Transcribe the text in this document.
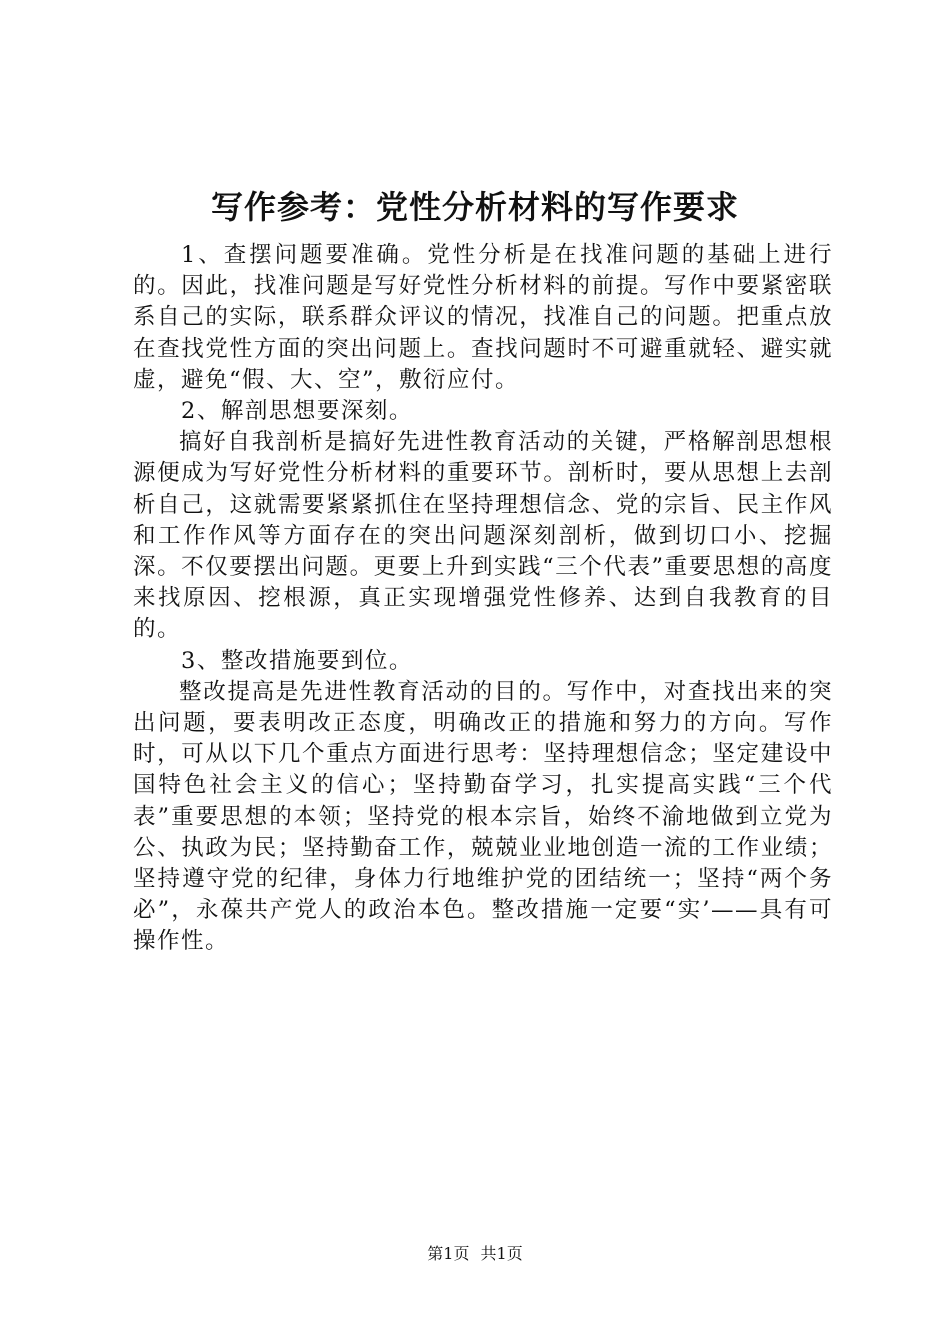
写作参考：党性分析材料的写作要求

1、查摆问题要准确。党性分析是在找准问题的基础上进行的。因此，找准问题是写好党性分析材料的前提。写作中要紧密联系自己的实际，联系群众评议的情况，找准自己的问题。把重点放在查找党性方面的突出问题上。查找问题时不可避重就轻、避实就虚，避免“假、大、空”，敷衍应付。

2、解剖思想要深刻。

搞好自我剖析是搞好先进性教育活动的关键，严格解剖思想根源便成为写好党性分析材料的重要环节。剖析时，要从思想上去剖析自己，这就需要紧紧抓住在坚持理想信念、党的宗旨、民主作风和工作作风等方面存在的突出问题深刻剖析，做到切口小、挖掘深。不仅要摆出问题。更要上升到实践“三个代表”重要思想的高度来找原因、挖根源，真正实现增强党性修养、达到自我教育的目的。

3、整改措施要到位。

整改提高是先进性教育活动的目的。写作中，对查找出来的突出问题，要表明改正态度，明确改正的措施和努力的方向。写作时，可从以下几个重点方面进行思考：坚持理想信念；坚定建设中国特色社会主义的信心；坚持勤奋学习，扎实提高实践“三个代表”重要思想的本领；坚持党的根本宗旨，始终不渝地做到立党为公、执政为民；坚持勤奋工作，兢兢业业地创造一流的工作业绩；坚持遵守党的纪律，身体力行地维护党的团结统一；坚持“两个务必”，永葆共产党人的政治本色。整改措施一定要“实’——具有可操作性。

第1页 共1页
